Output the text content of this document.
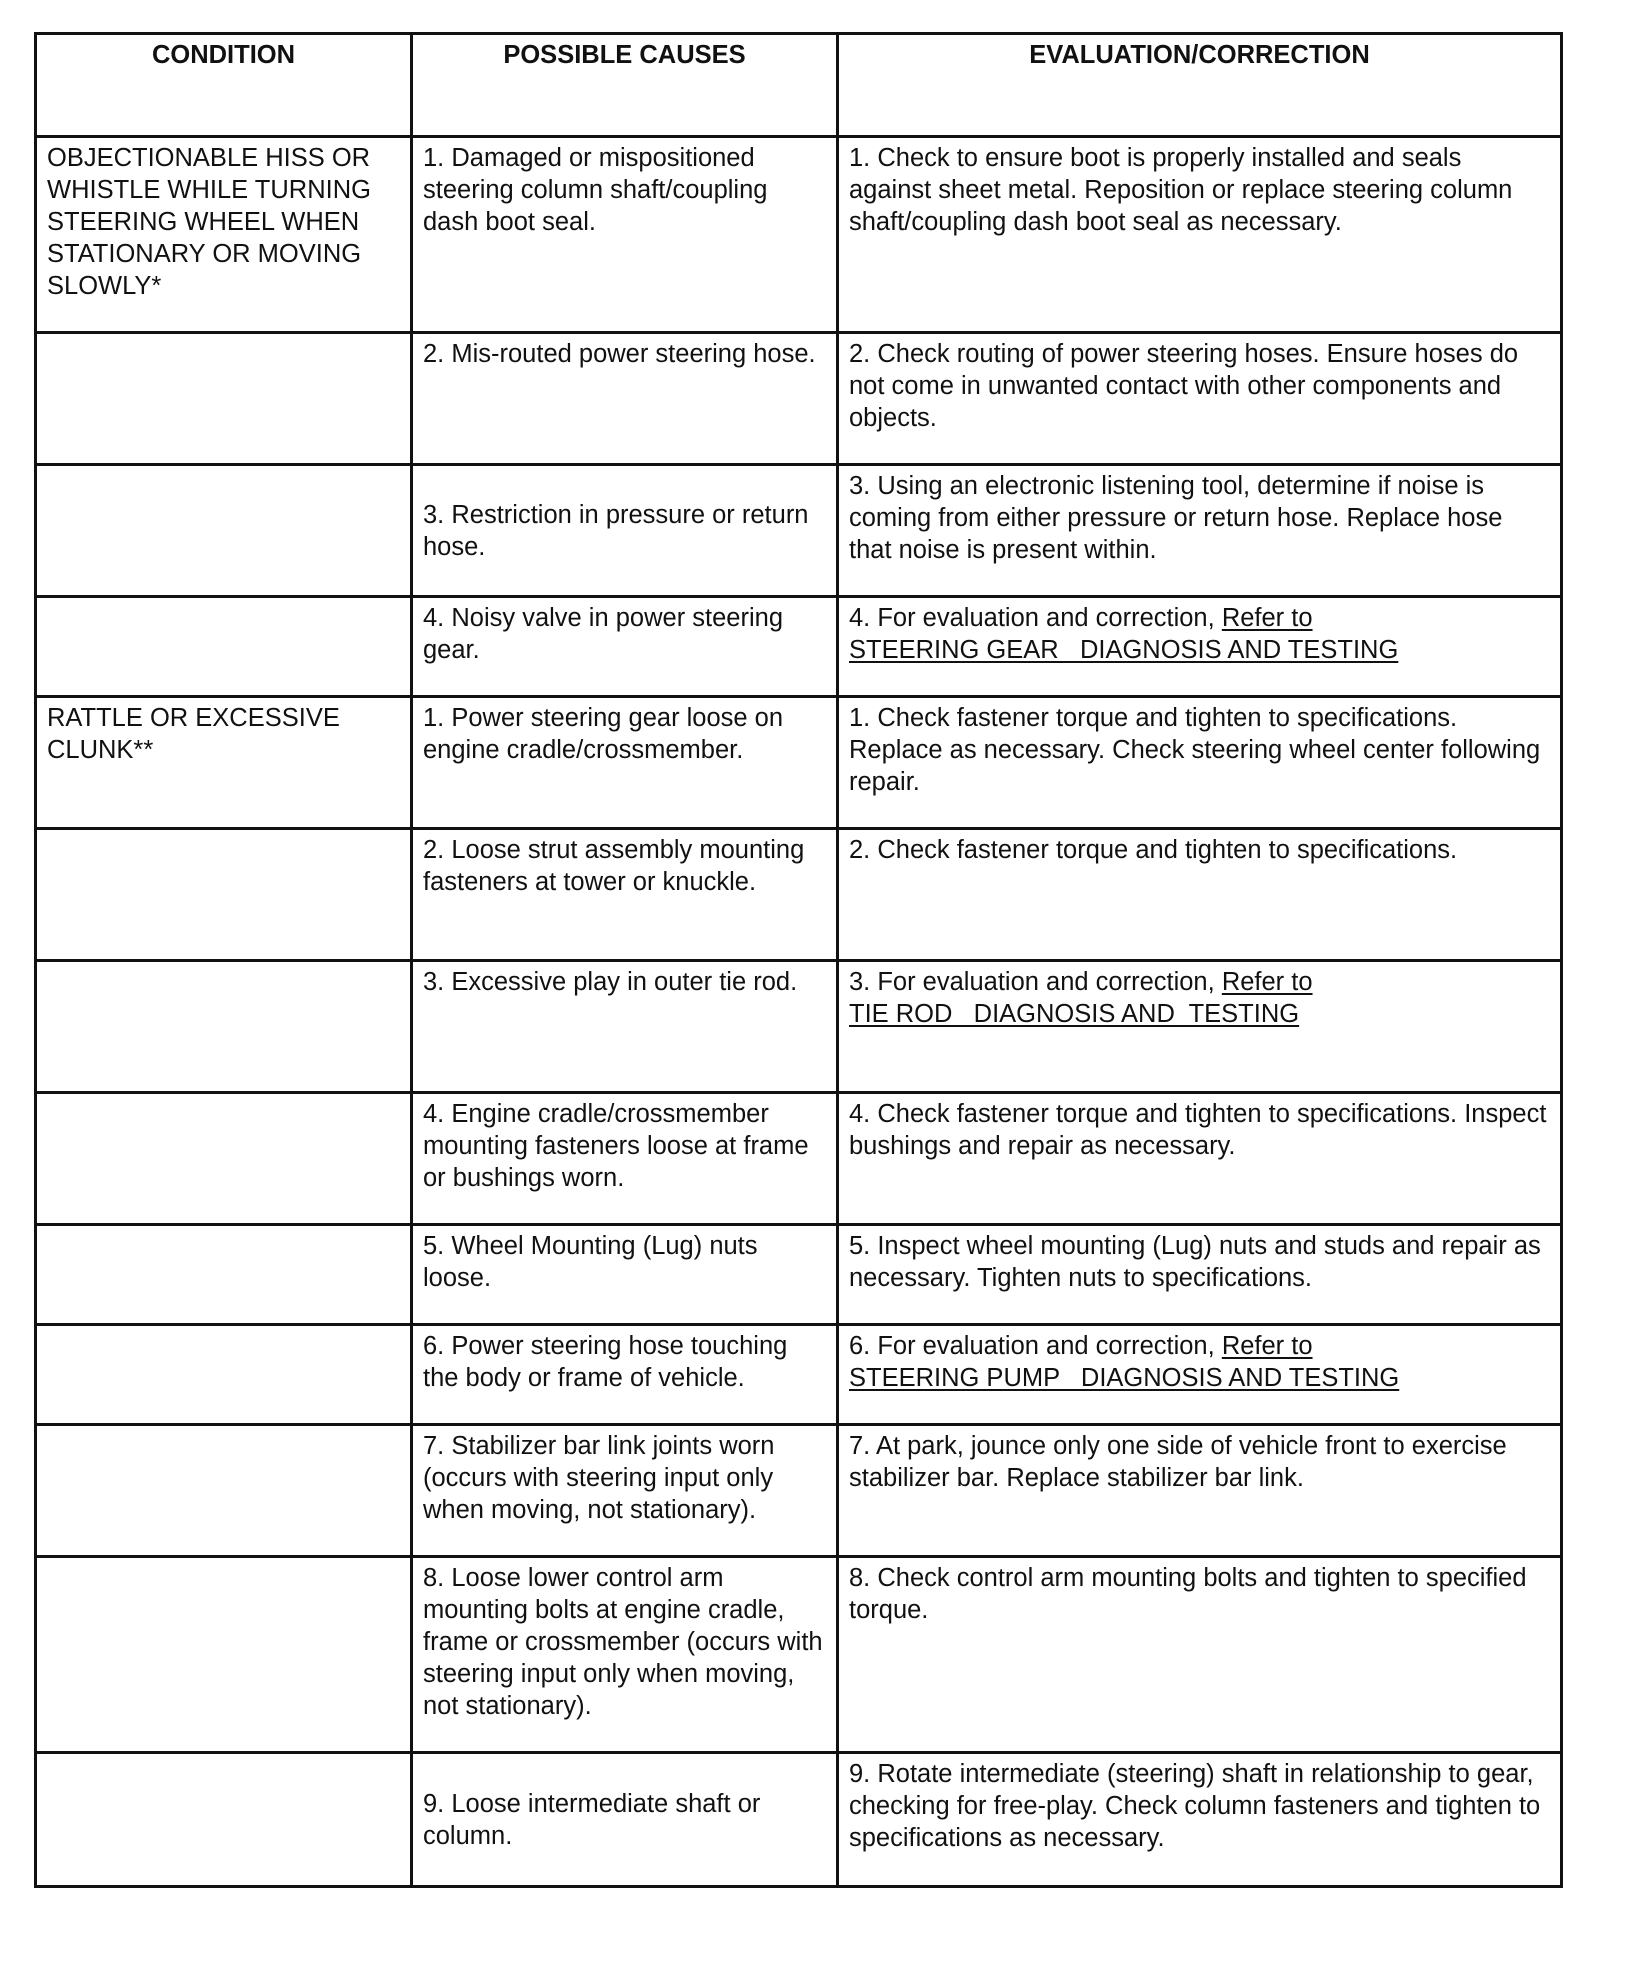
CONDITION	POSSIBLE CAUSES	EVALUATION/CORRECTION
OBJECTIONABLE HISS OR WHISTLE WHILE TURNING STEERING WHEEL WHEN STATIONARY OR MOVING SLOWLY*	1. Damaged or mispositioned steering column shaft/coupling dash boot seal.	1. Check to ensure boot is properly installed and seals against sheet metal. Reposition or replace steering column shaft/coupling dash boot seal as necessary.
	2. Mis-routed power steering hose.	2. Check routing of power steering hoses. Ensure hoses do not come in unwanted contact with other components and objects.
	3. Restriction in pressure or return hose.	3. Using an electronic listening tool, determine if noise is coming from either pressure or return hose. Replace hose that noise is present within.
	4. Noisy valve in power steering gear.	4. For evaluation and correction, Refer to
STEERING GEAR   DIAGNOSIS AND TESTING

RATTLE OR EXCESSIVE CLUNK**	1. Power steering gear loose on engine cradle/crossmember.	1. Check fastener torque and tighten to specifications. Replace as necessary. Check steering wheel center following repair.
	2. Loose strut assembly mounting fasteners at tower or knuckle.	2. Check fastener torque and tighten to specifications.
	3. Excessive play in outer tie rod.	3. For evaluation and correction, Refer to
TIE ROD   DIAGNOSIS AND  TESTING

	4. Engine cradle/crossmember mounting fasteners loose at frame or bushings worn.	4. Check fastener torque and tighten to specifications. Inspect bushings and repair as necessary.
	5. Wheel Mounting (Lug) nuts loose.	5. Inspect wheel mounting (Lug) nuts and studs and repair as necessary. Tighten nuts to specifications.
	6. Power steering hose touching the body or frame of vehicle.	6. For evaluation and correction, Refer to
STEERING PUMP   DIAGNOSIS AND TESTING

	7. Stabilizer bar link joints worn (occurs with steering input only when moving, not stationary).	7. At park, jounce only one side of vehicle front to exercise stabilizer bar. Replace stabilizer bar link.
	8. Loose lower control arm mounting bolts at engine cradle, frame or crossmember (occurs with steering input only when moving, not stationary).	8. Check control arm mounting bolts and tighten to specified torque.
	9. Loose intermediate shaft or column.	9. Rotate intermediate (steering) shaft in relationship to gear, checking for free-play. Check column fasteners and tighten to specifications as necessary.
